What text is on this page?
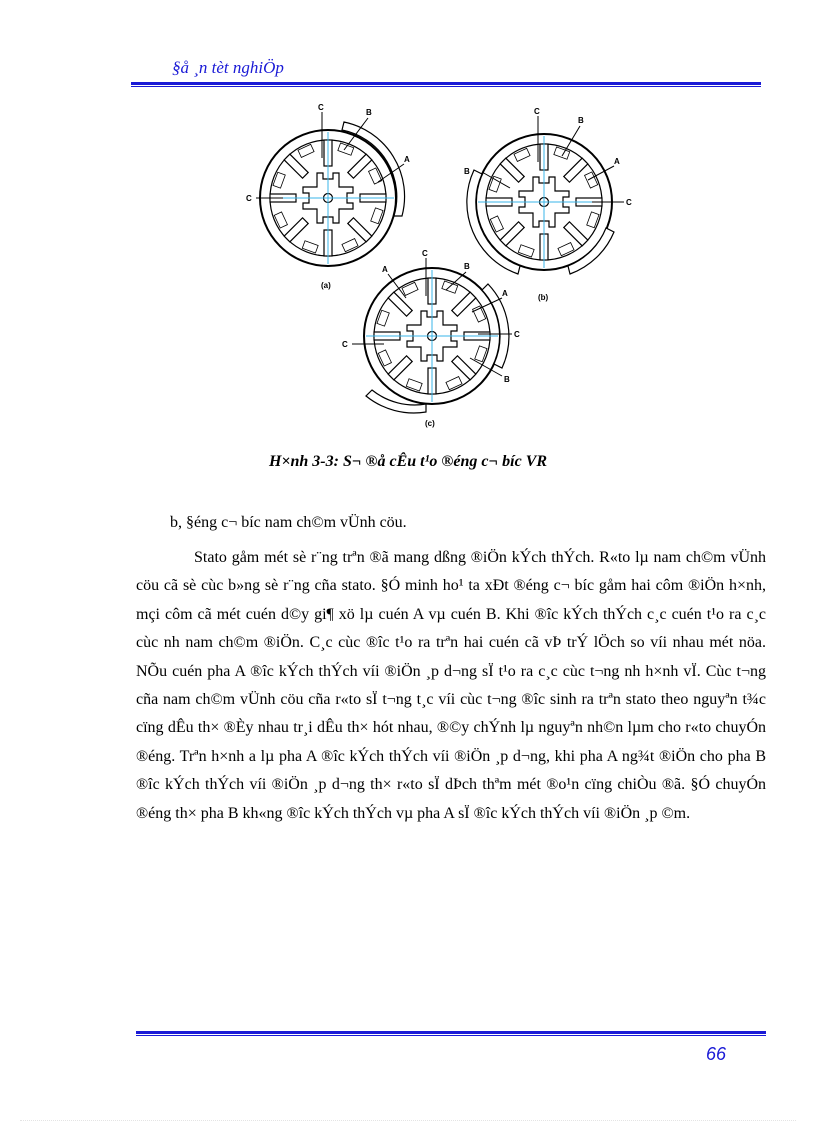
§å ¸n tèt nghiÖp
C
B
A
C
(a)
C
B
A
C
B
(b)
C
B
A
A
C
B
C
(c)
H×nh 3-3: S¬ ®å cÊu t¹o ®éng c¬ bíc VR
b, §éng c¬ bíc nam ch©m vÜnh cöu.
Stato gåm mét sè r¨ng trªn ®ã mang dßng ®iÖn kÝch thÝch. R«to lµ nam ch©m vÜnh cöu cã sè cùc b»ng sè r¨ng cña stato. §Ó minh ho¹ ta xÐt ®éng c¬ bíc gåm hai côm ®iÖn h×nh, mçi côm cã mét cuén d©y gi¶ xö lµ cuén A vµ cuén B. Khi ®îc kÝch thÝch c¸c cuén t¹o ra c¸c cùc nh nam ch©m ®iÖn. C¸c cùc ®îc t¹o ra trªn hai cuén cã vÞ trÝ lÖch so víi nhau mét nöa. NÕu cuén pha A ®îc kÝch thÝch víi ®iÖn ¸p d¬ng sÏ t¹o ra c¸c cùc t¬ng nh h×nh vÏ. Cùc t¬ng cña nam ch©m vÜnh cöu cña r«to sÏ t¬ng t¸c víi cùc t¬ng ®îc sinh ra trªn stato theo nguyªn t¾c cïng dÊu th× ®Èy nhau tr¸i dÊu th× hót nhau, ®©y chÝnh lµ nguyªn nh©n lµm cho r«to chuyÓn ®éng. Trªn h×nh a lµ pha A ®îc kÝch thÝch víi ®iÖn ¸p d¬ng, khi pha A ng¾t ®iÖn cho pha B ®îc kÝch thÝch víi ®iÖn ¸p d¬ng th× r«to sÏ dÞch thªm mét ®o¹n cïng chiÒu ®ã. §Ó chuyÓn ®éng th× pha B kh«ng ®îc kÝch thÝch vµ pha A sÏ ®îc kÝch thÝch víi ®iÖn ¸p ©m.
66
